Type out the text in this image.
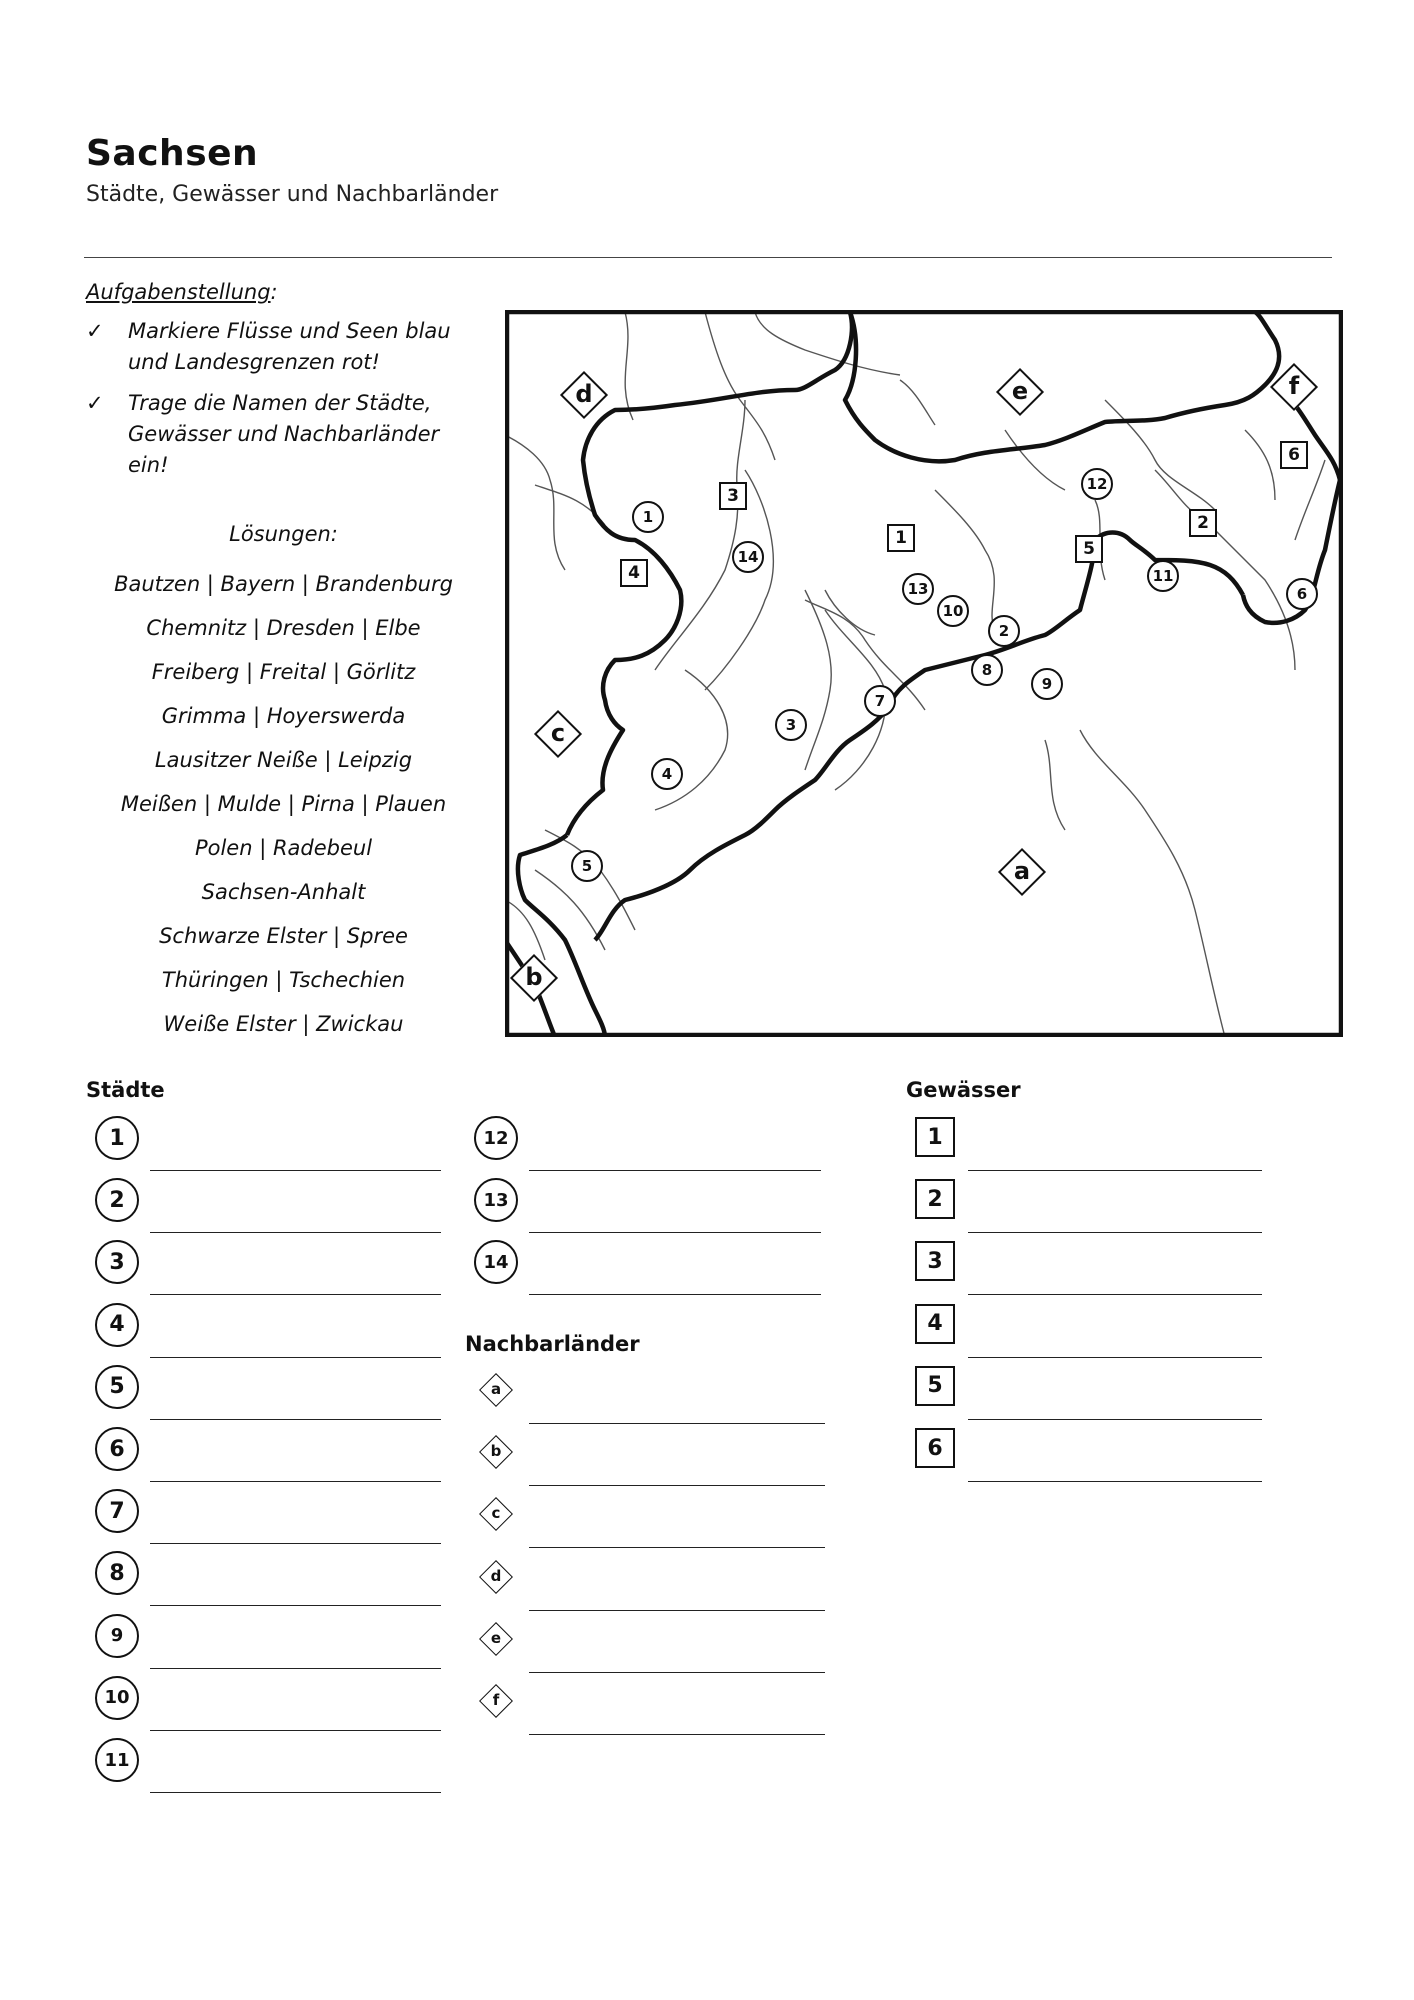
Sachsen
Städte, Gewässer und Nachbarländer
Aufgabenstellung:
✓ Markiere Flüsse und Seen blau
und Landesgrenzen rot!
✓ Trage die Namen der Städte,
Gewässer und Nachbarländer
ein!
Lösungen:
Bautzen | Bayern | Brandenburg
Chemnitz | Dresden | Elbe
Freiberg | Freital | Görlitz
Grimma | Hoyerswerda
Lausitzer Neiße | Leipzig
Meißen | Mulde | Pirna | Plauen
Polen | Radebeul
Sachsen-Anhalt
Schwarze Elster | Spree
Thüringen | Tschechien
Weiße Elster | Zwickau
1
2
3
4
5
6
7
8
9
10
11
12
13
14
1
2
3
4
5
6
a
b
c
d	e	f
Städte
Nachbarländer
Gewässer
1
2
3
4
5
6
7
8
9
10
11
12
13
14
a
b
c
d
e
f
1
2
3
4
5
6
